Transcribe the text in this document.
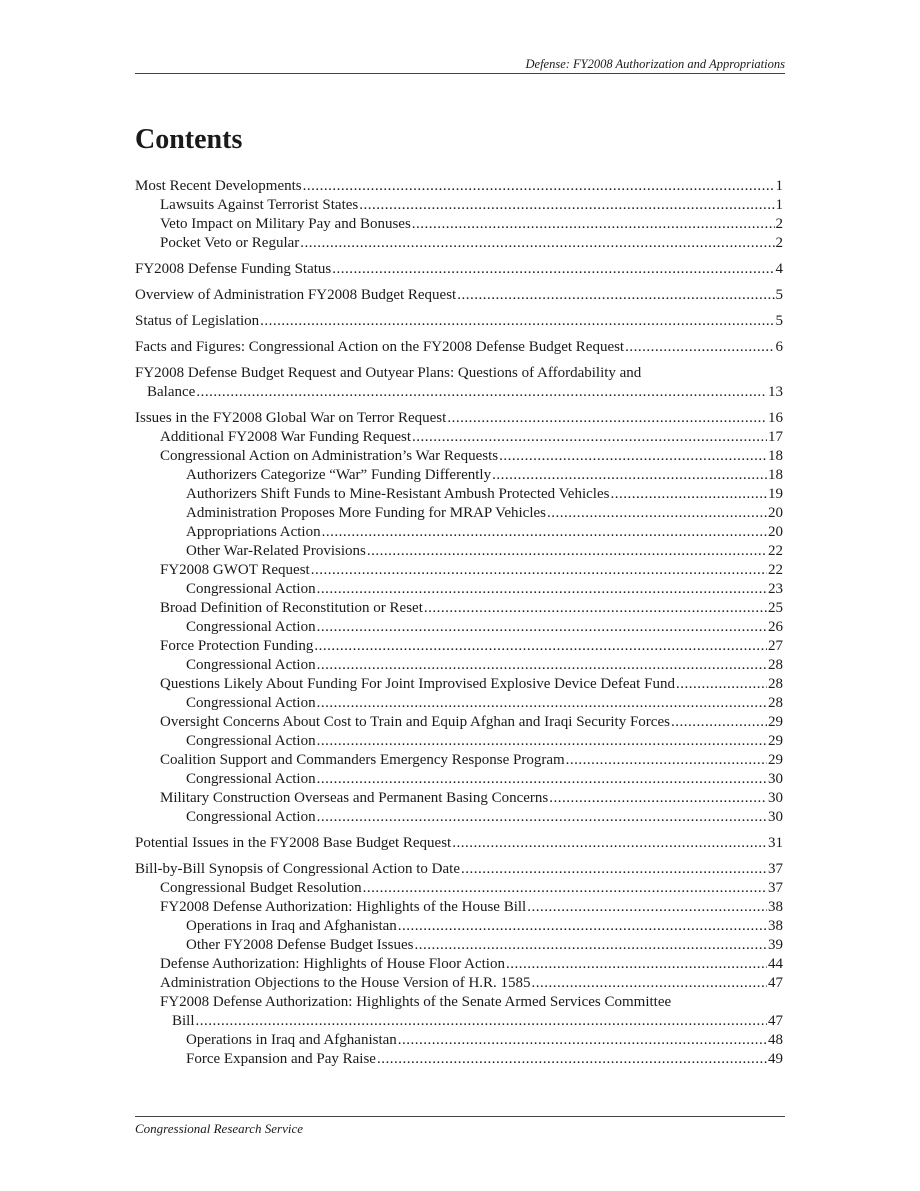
Defense: FY2008 Authorization and Appropriations
Contents
Most Recent Developments .....	1
Lawsuits Against Terrorist States .....	1
Veto Impact on Military Pay and Bonuses .....	2
Pocket Veto or Regular .....	2
FY2008 Defense Funding Status .....	4
Overview of Administration FY2008 Budget Request .....	5
Status of Legislation .....	5
Facts and Figures: Congressional Action on the FY2008 Defense Budget Request .....	6
FY2008 Defense Budget Request and Outyear Plans: Questions of Affordability and
Balance .....	13
Issues in the FY2008 Global War on Terror Request .....	16
Additional FY2008 War Funding Request .....	17
Congressional Action on Administration’s War Requests .....	18
Authorizers Categorize “War” Funding Differently .....	18
Authorizers Shift Funds to Mine-Resistant Ambush Protected Vehicles .....	19
Administration Proposes More Funding for MRAP Vehicles .....	20
Appropriations Action .....	20
Other War-Related Provisions .....	22
FY2008 GWOT Request .....	22
Congressional Action .....	23
Broad Definition of Reconstitution or Reset .....	25
Congressional Action .....	26
Force Protection Funding .....	27
Congressional Action .....	28
Questions Likely About Funding For Joint Improvised Explosive Device Defeat Fund .....	28
Congressional Action .....	28
Oversight Concerns About Cost to Train and Equip Afghan and Iraqi Security Forces .....	29
Congressional Action .....	29
Coalition Support and Commanders Emergency Response Program .....	29
Congressional Action .....	30
Military Construction Overseas and Permanent Basing Concerns .....	30
Congressional Action .....	30
Potential Issues in the FY2008 Base Budget Request .....	31
Bill-by-Bill Synopsis of Congressional Action to Date .....	37
Congressional Budget Resolution .....	37
FY2008 Defense Authorization: Highlights of the House Bill .....	38
Operations in Iraq and Afghanistan .....	38
Other FY2008 Defense Budget Issues .....	39
Defense Authorization: Highlights of House Floor Action .....	44
Administration Objections to the House Version of H.R. 1585 .....	47
FY2008 Defense Authorization: Highlights of the Senate Armed Services Committee
Bill .....	47
Operations in Iraq and Afghanistan .....	48
Force Expansion and Pay Raise .....	49
Congressional Research Service
